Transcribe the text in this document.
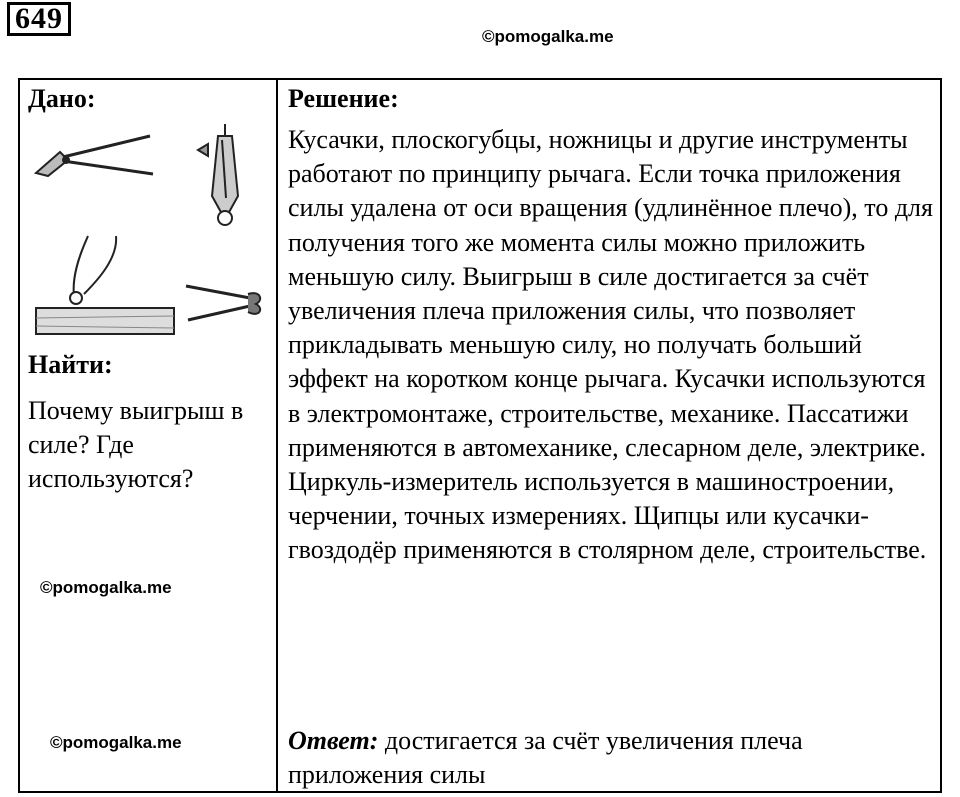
649
©pomogalka.me
Дано:
Найти:
Почему выигрыш в силе? Где используются?
©pomogalka.me
©pomogalka.me
Решение:
Кусачки, плоскогубцы, ножницы и другие инструменты работают по принципу рычага. Если точка приложения силы удалена от оси вращения (удлинённое плечо), то для получения того же момента силы можно приложить меньшую силу. Выигрыш в силе достигается за счёт увеличения плеча приложения силы, что позволяет прикладывать меньшую силу, но получать больший эффект на коротком конце рычага. Кусачки используются в электромонтаже, строительстве, механике. Пассатижи применяются в автомеханике, слесарном деле, электрике. Циркуль-измеритель используется в машиностроении, черчении, точных измерениях. Щипцы или кусачки-гвоздодёр применяются в столярном деле, строительстве.
Ответ: достигается за счёт увеличения плеча приложения силы
